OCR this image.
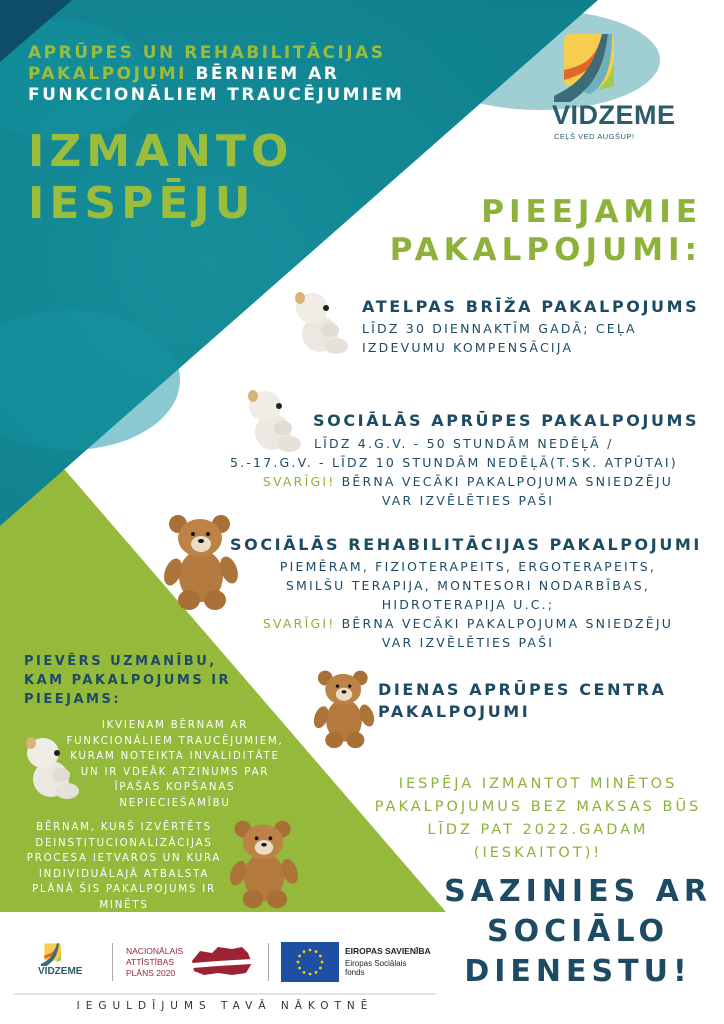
APRŪPES UN REHABILITĀCIJAS
PAKALPOJUMI BĒRNIEM AR
FUNKCIONĀLIEM TRAUCĒJUMIEM
IZMANTO
IESPĒJU
VIDZEME
CEĻŠ VED AUGŠUP!
PIEEJAMIE
PAKALPOJUMI:
ATELPAS BRĪŽA PAKALPOJUMS
LĪDZ 30 DIENNAKTĪM GADĀ; CEĻA
IZDEVUMU KOMPENSĀCIJA
SOCIĀLĀS APRŪPES PAKALPOJUMS
LĪDZ 4.G.V. - 50 STUNDĀM NEDĒĻĀ /
5.-17.G.V. - LĪDZ 10 STUNDĀM NEDĒĻĀ(T.SK. ATPŪTAI)
SVARĪGI! BĒRNA VECĀKI PAKALPOJUMA SNIEDZĒJU
VAR IZVĒLĒTIES PAŠI
SOCIĀLĀS REHABILITĀCIJAS PAKALPOJUMI
PIEMĒRAM, FIZIOTERAPEITS, ERGOTERAPEITS,
SMILŠU TERAPIJA, MONTESORI NODARBĪBAS,
HIDROTERAPIJA U.C.;
SVARĪGI! BĒRNA VECĀKI PAKALPOJUMA SNIEDZĒJU
VAR IZVĒLĒTIES PAŠI
DIENAS APRŪPES CENTRA
PAKALPOJUMI
IESPĒJA IZMANTOT MINĒTOS
PAKALPOJUMUS BEZ MAKSAS BŪS
LĪDZ PAT 2022.GADAM
(IESKAITOT)!
SAZINIES AR
SOCIĀLO
DIENESTU!
PIEVĒRS UZMANĪBU,
KAM PAKALPOJUMS IR
PIEEJAMS:
IKVIENAM BĒRNAM AR
FUNKCIONĀLIEM TRAUCĒJUMIEM,
KURAM NOTEIKTA INVALIDITĀTE
UN IR VDEĀK ATZINUMS PAR
ĪPAŠAS KOPŠANAS
NEPIECIEŠAMĪBU
BĒRNAM, KURŠ IZVĒRTĒTS
DEINSTITUCIONALIZĀCIJAS
PROCESA IETVAROS UN KURA
INDIVIDUĀLAJĀ ATBALSTA
PLĀNĀ ŠIS PAKALPOJUMS IR
MINĒTS
VIDZEME
NACIONĀLAIS
ATTĪSTĪBAS
PLĀNS 2020
EIROPAS SAVIENĪBA
Eiropas Sociālais
fonds
IEGULDĪJUMS TAVĀ NĀKOTNĒ
